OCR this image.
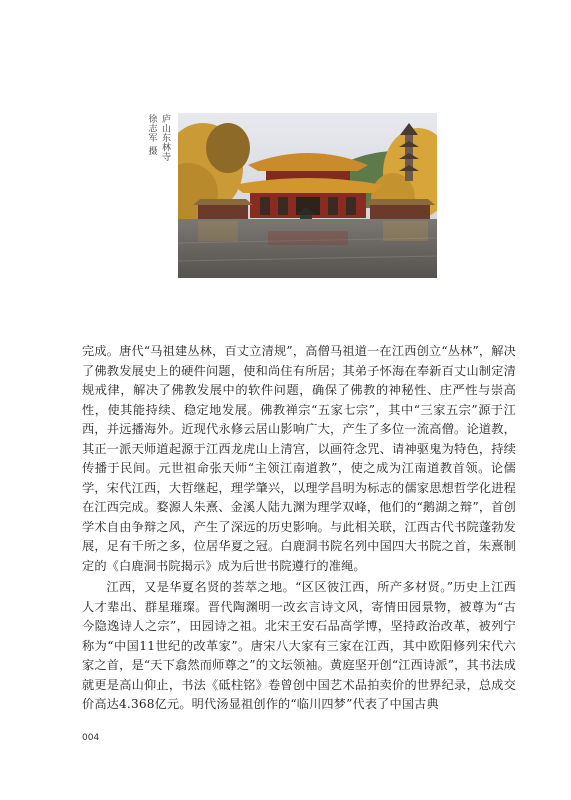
庐山东林寺
徐志军 摄

完成。唐代“马祖建丛林，百丈立清规”，高僧马祖道一在江西创立“丛林”，解决了佛教发展史上的硬件问题，使和尚住有所居；其弟子怀海在奉新百丈山制定清规戒律，解决了佛教发展中的软件问题，确保了佛教的神秘性、庄严性与崇高性，使其能持续、稳定地发展。佛教禅宗“五家七宗”，其中“三家五宗”源于江西，并远播海外。近现代永修云居山影响广大，产生了多位一流高僧。论道教，其正一派天师道起源于江西龙虎山上清宫，以画符念咒、请神驱鬼为特色，持续传播于民间。元世祖命张天师“主领江南道教”，使之成为江南道教首领。论儒学，宋代江西，大哲继起，理学肇兴，以理学昌明为标志的儒家思想哲学化进程在江西完成。婺源人朱熹、金溪人陆九渊为理学双峰，他们的“鹅湖之辩”，首创学术自由争辩之风，产生了深远的历史影响。与此相关联，江西古代书院蓬勃发展，足有千所之多，位居华夏之冠。白鹿洞书院名列中国四大书院之首，朱熹制定的《白鹿洞书院揭示》成为后世书院遵行的准绳。

江西，又是华夏名贤的荟萃之地。“区区彼江西，所产多材贤。”历史上江西人才辈出、群星璀璨。晋代陶渊明一改玄言诗文风，寄情田园景物，被尊为“古今隐逸诗人之宗”，田园诗之祖。北宋王安石品高学博，坚持政治改革，被列宁称为“中国11世纪的改革家”。唐宋八大家有三家在江西，其中欧阳修列宋代六家之首，是“天下翕然而师尊之”的文坛领袖。黄庭坚开创“江西诗派”，其书法成就更是高山仰止，书法《砥柱铭》卷曾创中国艺术品拍卖价的世界纪录，总成交价高达4.368亿元。明代汤显祖创作的“临川四梦”代表了中国古典

004
